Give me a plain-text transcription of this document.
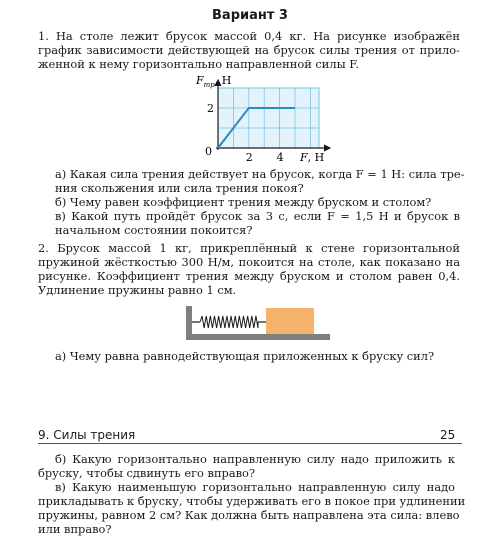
Вариант 3
1. На столе лежит брусок массой 0,4 кг. На рисунке изображён
график зависимости действующей на брусок силы трения от прило-
женной к нему горизонтально направленной силы F.
2 4
2
$F_{тр}$, Н
F, Н
0
а) Какая сила трения действует на брусок, когда F = 1 Н: сила тре-
ния скольжения или сила трения покоя?
б) Чему равен коэффициент трения между бруском и столом?
в) Какой путь пройдёт брусок за 3 с, если F = 1,5 Н и брусок в
начальном состоянии покоится?
2. Брусок массой 1 кг, прикреплённый к стене горизонтальной
пружиной жёсткостью 300 Н/м, покоится на столе, как показано на
рисунке. Коэффициент трения между бруском и столом равен 0,4.
Удлинение пружины равно 1 см.
а) Чему равна равнодействующая приложенных к бруску сил?
9. Силы трения	25
б) Какую горизонтально направленную силу надо приложить к
бруску, чтобы сдвинуть его вправо?
в) Какую наименьшую горизонтально направленную силу надо
прикладывать к бруску, чтобы удерживать его в покое при удлинении
пружины, равном 2 см? Как должна быть направлена эта сила: влево
или вправо?
